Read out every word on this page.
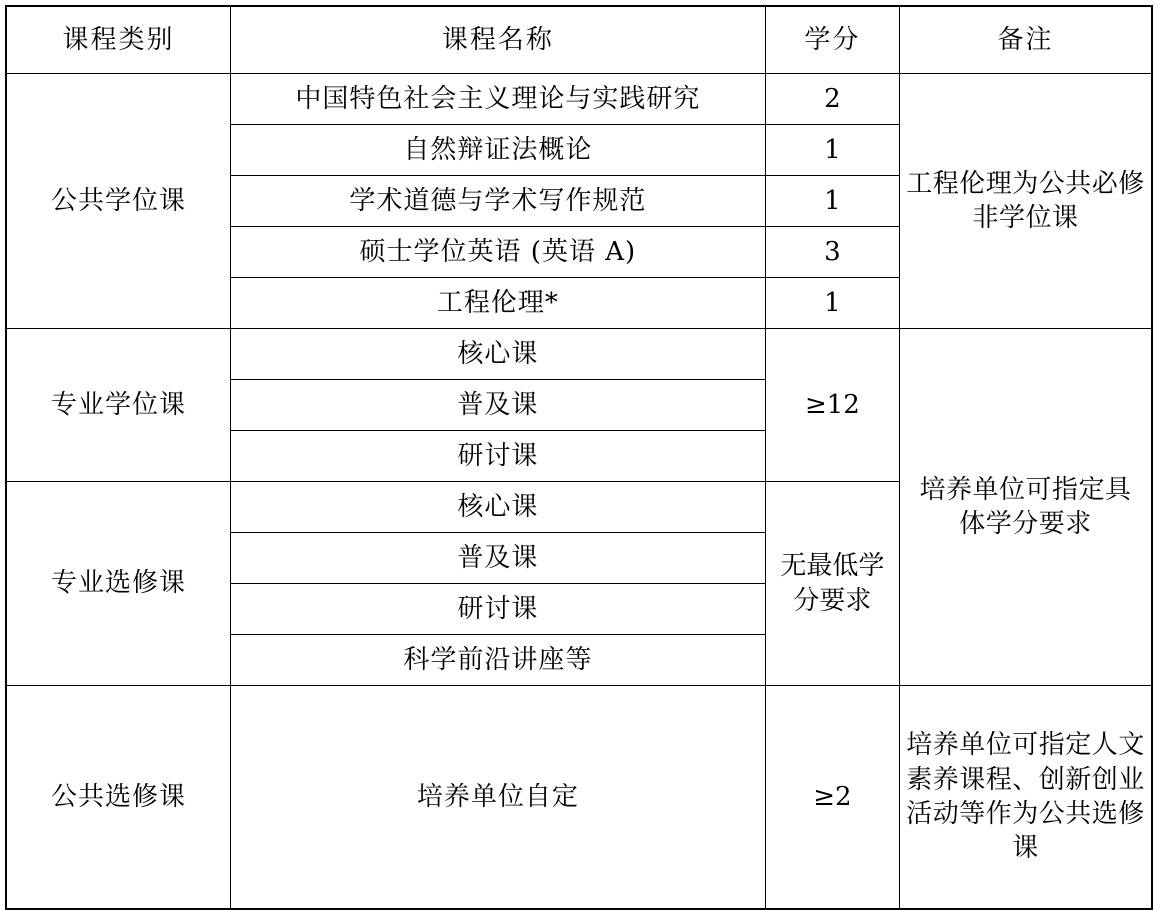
课程类别	课程名称	学分	备注
公共学位课	中国特色社会主义理论与实践研究	2	工程伦理为公共必修非学位课
	自然辩证法概论	1	
	学术道德与学术写作规范	1	
	硕士学位英语 (英语 A)	3	
	工程伦理*	1	
专业学位课	核心课	≥12	培养单位可指定具体学分要求
	普及课		
	研讨课		
专业选修课	核心课	无最低学分要求	
	普及课		
	研讨课		
	科学前沿讲座等		
公共选修课	培养单位自定	≥2	培养单位可指定人文素养课程、创新创业活动等作为公共选修课
